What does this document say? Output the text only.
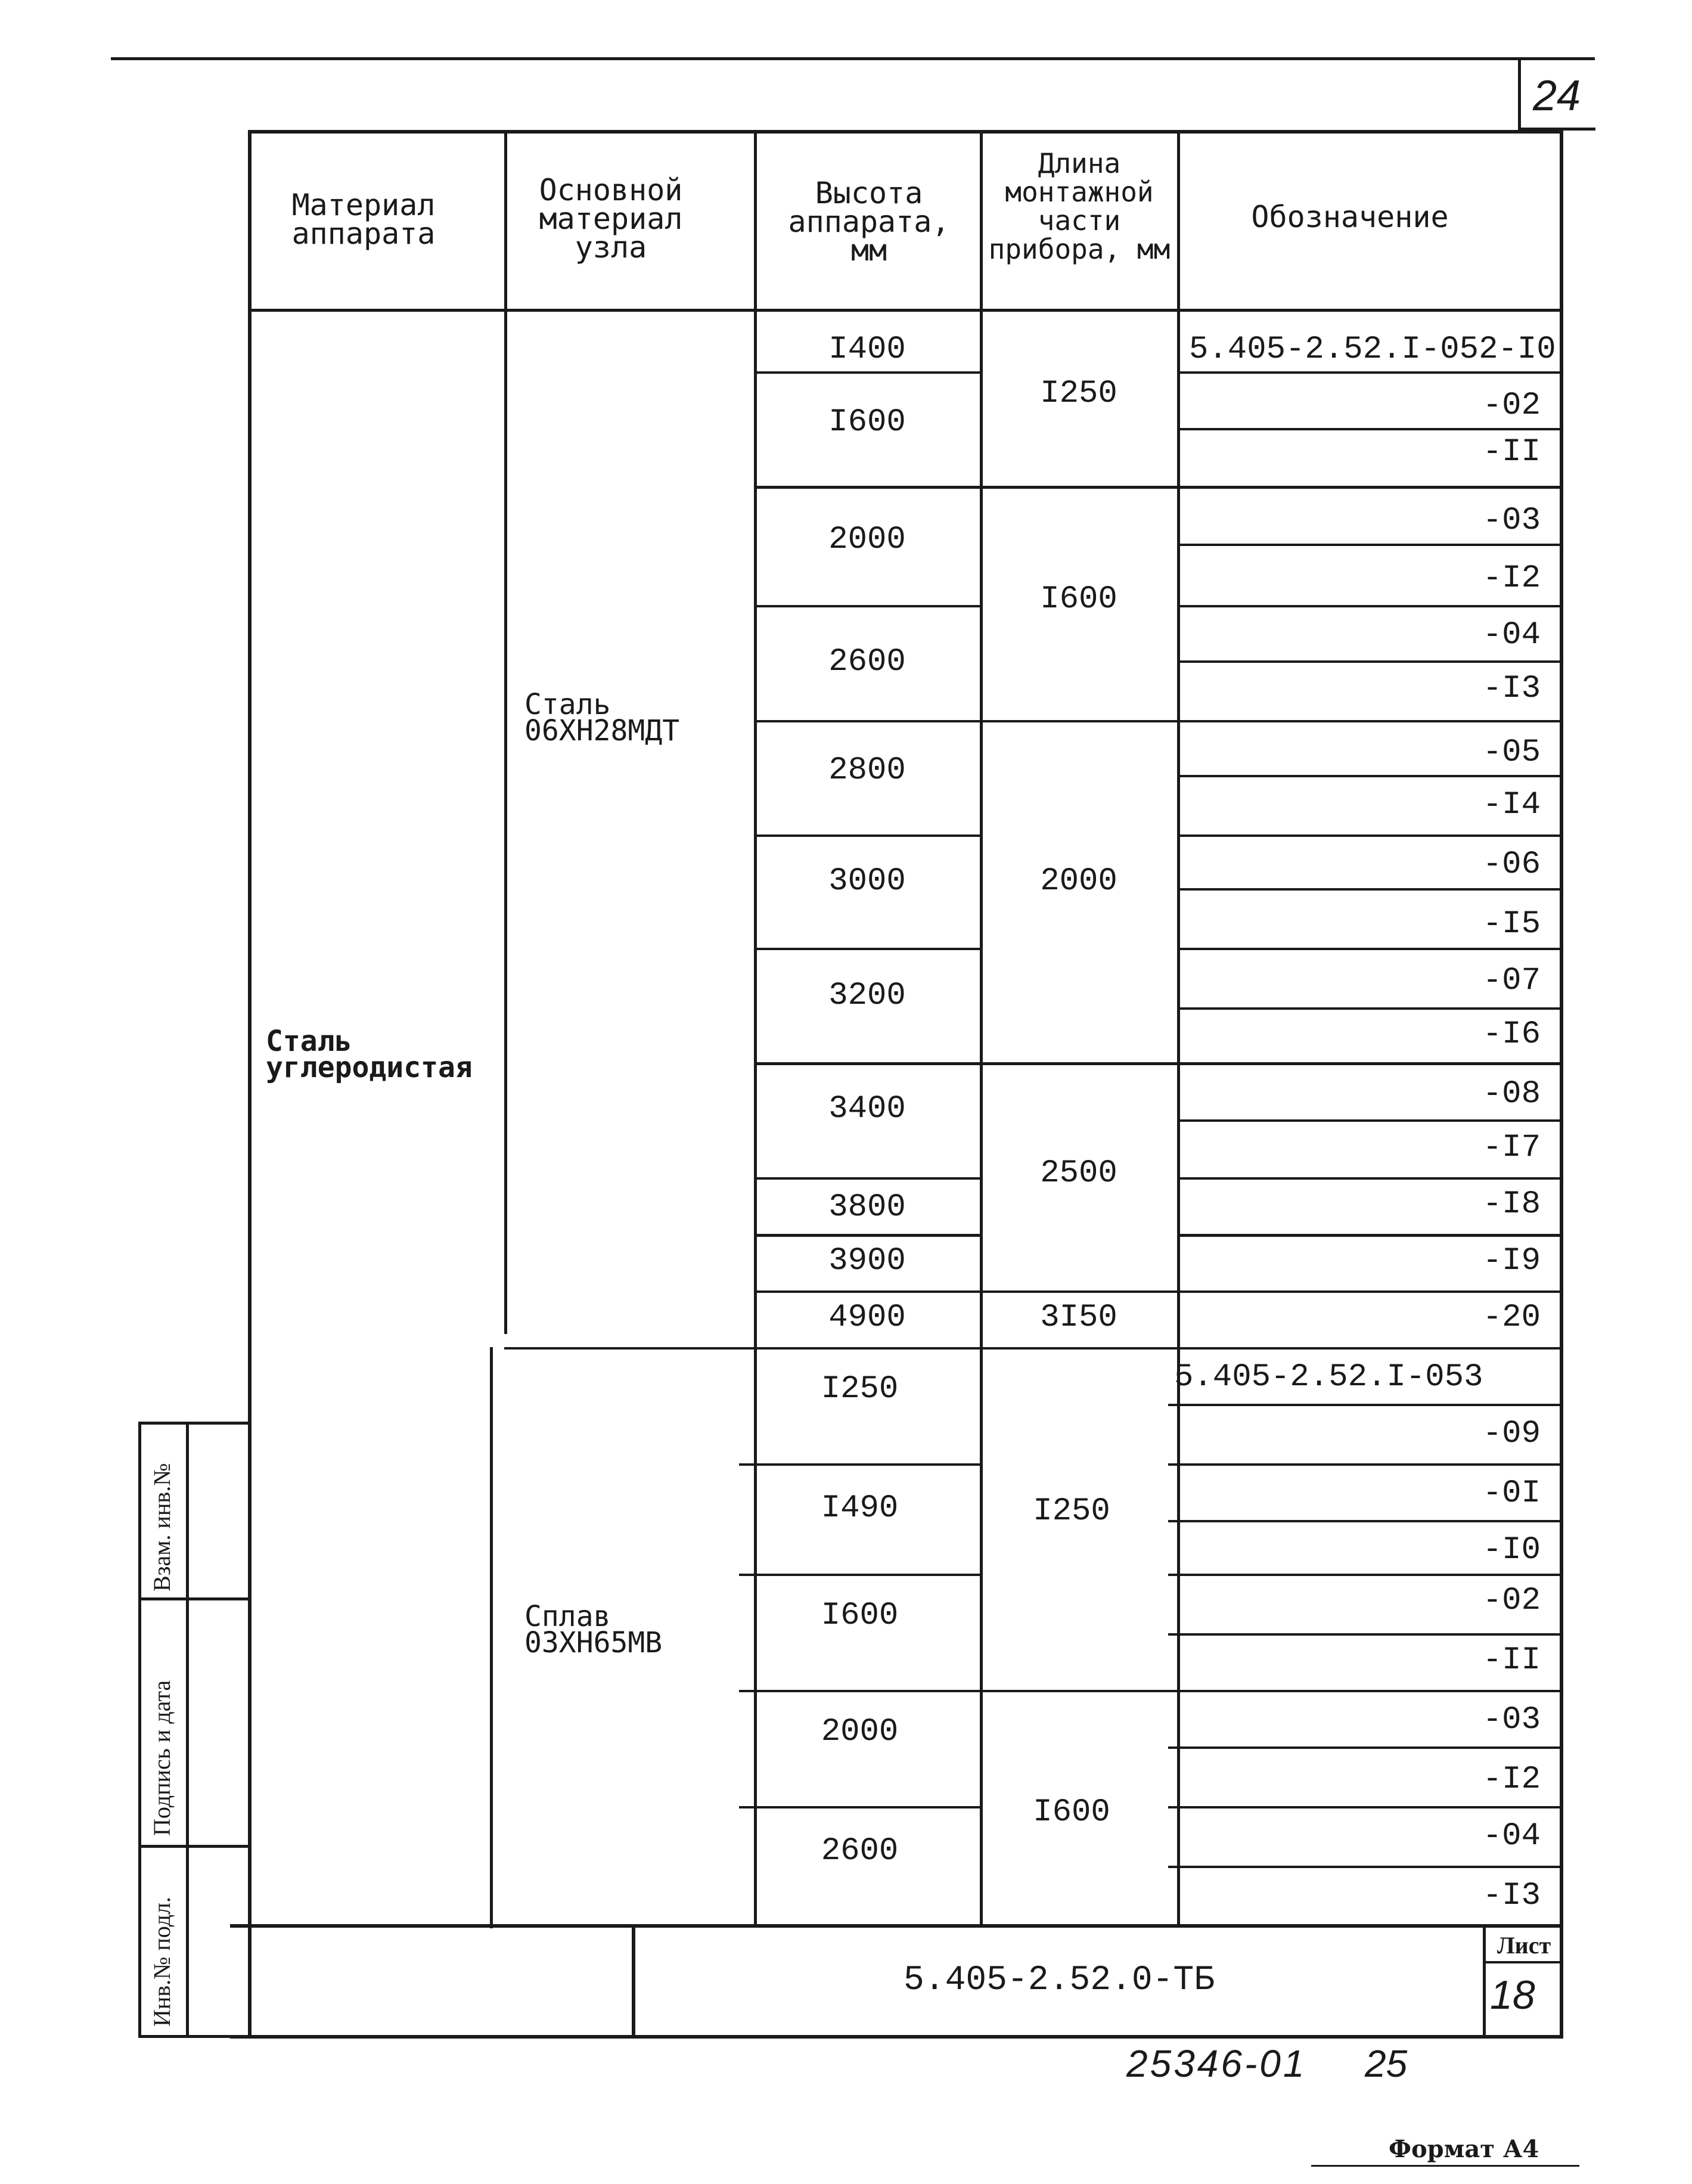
24
Материал аппарата
Основной материал узла
Высота аппарата, мм
Длина монтажной части прибора, мм
Обозначение
Сталь углеродистая
Сталь 06ХН28МДТ
Сплав 03ХН65МВ
I400
I600
2000
2600
2800
3000
3200
3400
3800
3900
4900
I250
I490
I600
2000
2600
I250
I600
2000
2500
3I50
I250
I600
5.405-2.52.I-052-I0
-02
-II
-03
-I2
-04
-I3
-05
-I4
-06
-I5
-07
-I6
-08
-I7
-I8
-I9
-20
5.405-2.52.I-053
-09
-0I
-I0
-02
-II
-03
-I2
-04
-I3
5.405-2.52.0-ТБ
Лист
18
Инв.№ подл.
Подпись и дата
Взам. инв.№
25346-01 25
Формат А4
